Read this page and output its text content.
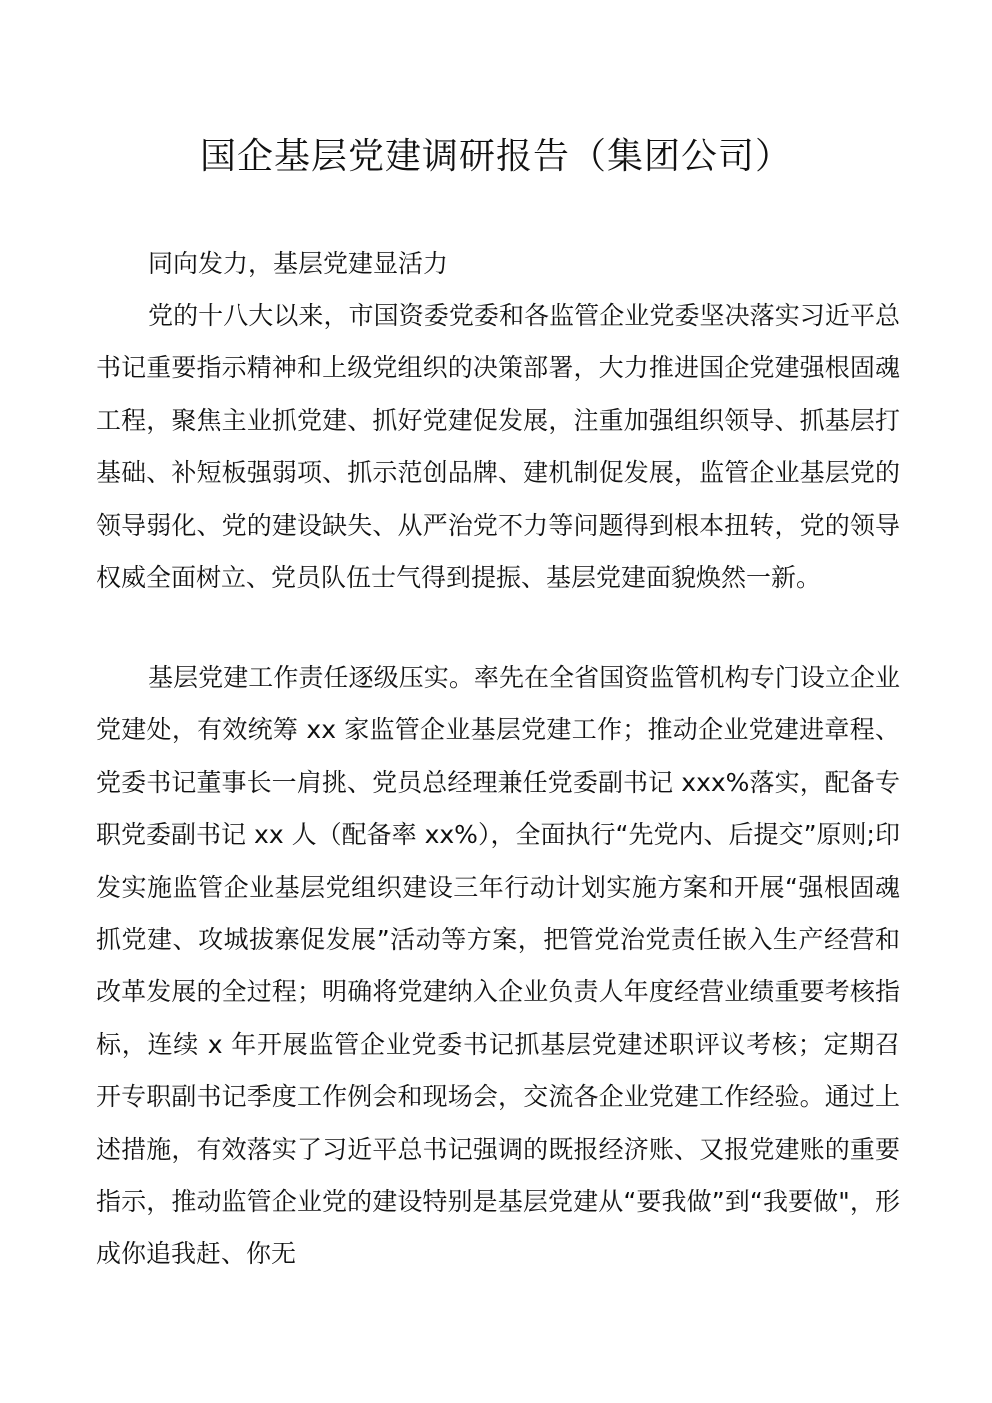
国企基层党建调研报告（集团公司）

同向发力，基层党建显活力

党的十八大以来，市国资委党委和各监管企业党委坚决落实习近平总书记重要指示精神和上级党组织的决策部署，大力推进国企党建强根固魂工程，聚焦主业抓党建、抓好党建促发展，注重加强组织领导、抓基层打基础、补短板强弱项、抓示范创品牌、建机制促发展，监管企业基层党的领导弱化、党的建设缺失、从严治党不力等问题得到根本扭转，党的领导权威全面树立、党员队伍士气得到提振、基层党建面貌焕然一新。

基层党建工作责任逐级压实。率先在全省国资监管机构专门设立企业党建处，有效统筹 xx 家监管企业基层党建工作；推动企业党建进章程、党委书记董事长一肩挑、党员总经理兼任党委副书记 xxx%落实，配备专职党委副书记 xx 人（配备率 xx%），全面执行“先党内、后提交”原则;印发实施监管企业基层党组织建设三年行动计划实施方案和开展“强根固魂抓党建、攻城拔寨促发展”活动等方案，把管党治党责任嵌入生产经营和改革发展的全过程；明确将党建纳入企业负责人年度经营业绩重要考核指标，连续 x 年开展监管企业党委书记抓基层党建述职评议考核；定期召开专职副书记季度工作例会和现场会，交流各企业党建工作经验。通过上述措施，有效落实了习近平总书记强调的既报经济账、又报党建账的重要指示，推动监管企业党的建设特别是基层党建从“要我做”到“我要做"，形成你追我赶、你无
